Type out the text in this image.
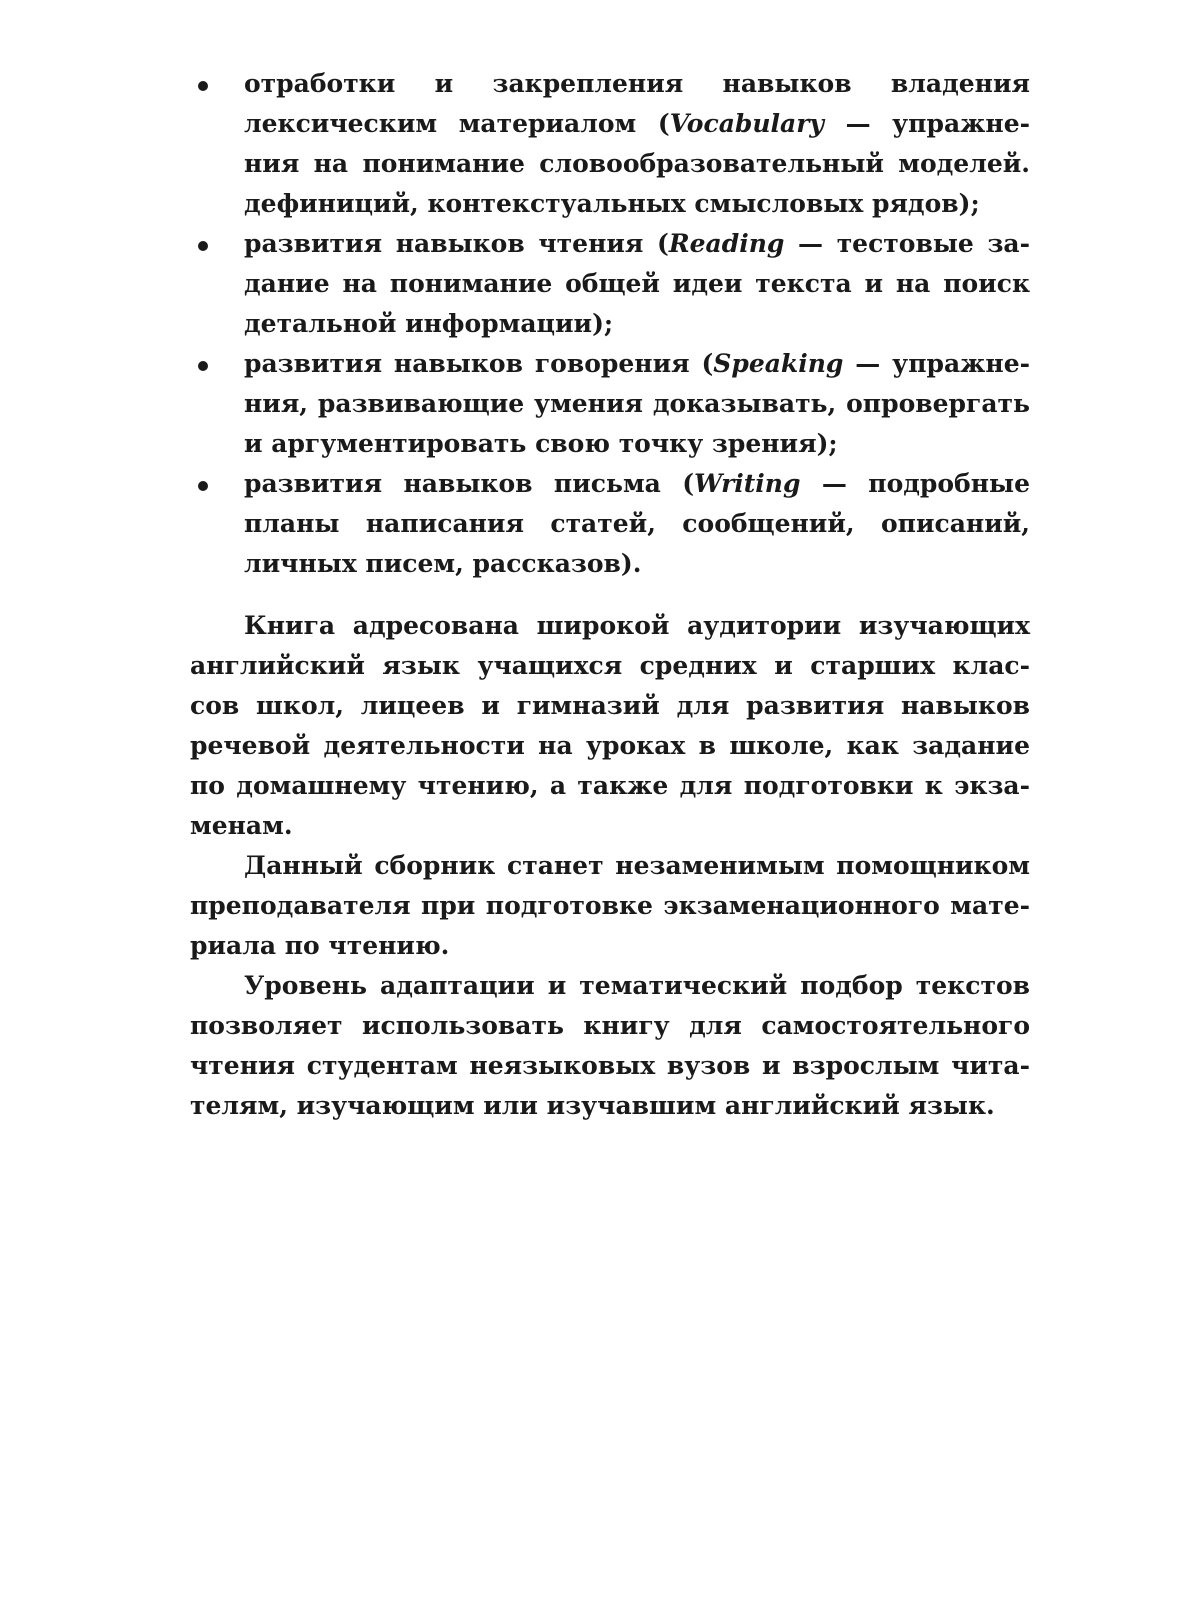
отработки и закрепления навыков владения
лексическим материалом (Vocabulary — упражне-
ния на понимание словообразовательный моделей.
дефиниций, контекстуальных смысловых рядов);
развития навыков чтения (Reading — тестовые за-
дание на понимание общей идеи текста и на поиск
детальной информации);
развития навыков говорения (Speaking — упражне-
ния, развивающие умения доказывать, опровергать
и аргументировать свою точку зрения);
развития навыков письма (Writing — подробные
планы написания статей, сообщений, описаний,
личных писем, рассказов).
Книга адресована широкой аудитории изучающих
английский язык учащихся средних и старших клас-
сов школ, лицеев и гимназий для развития навыков
речевой деятельности на уроках в школе, как задание
по домашнему чтению, а также для подготовки к экза-
менам.
Данный сборник станет незаменимым помощником
преподавателя при подготовке экзаменационного мате-
риала по чтению.
Уровень адаптации и тематический подбор текстов
позволяет использовать книгу для самостоятельного
чтения студентам неязыковых вузов и взрослым чита-
телям, изучающим или изучавшим английский язык.
